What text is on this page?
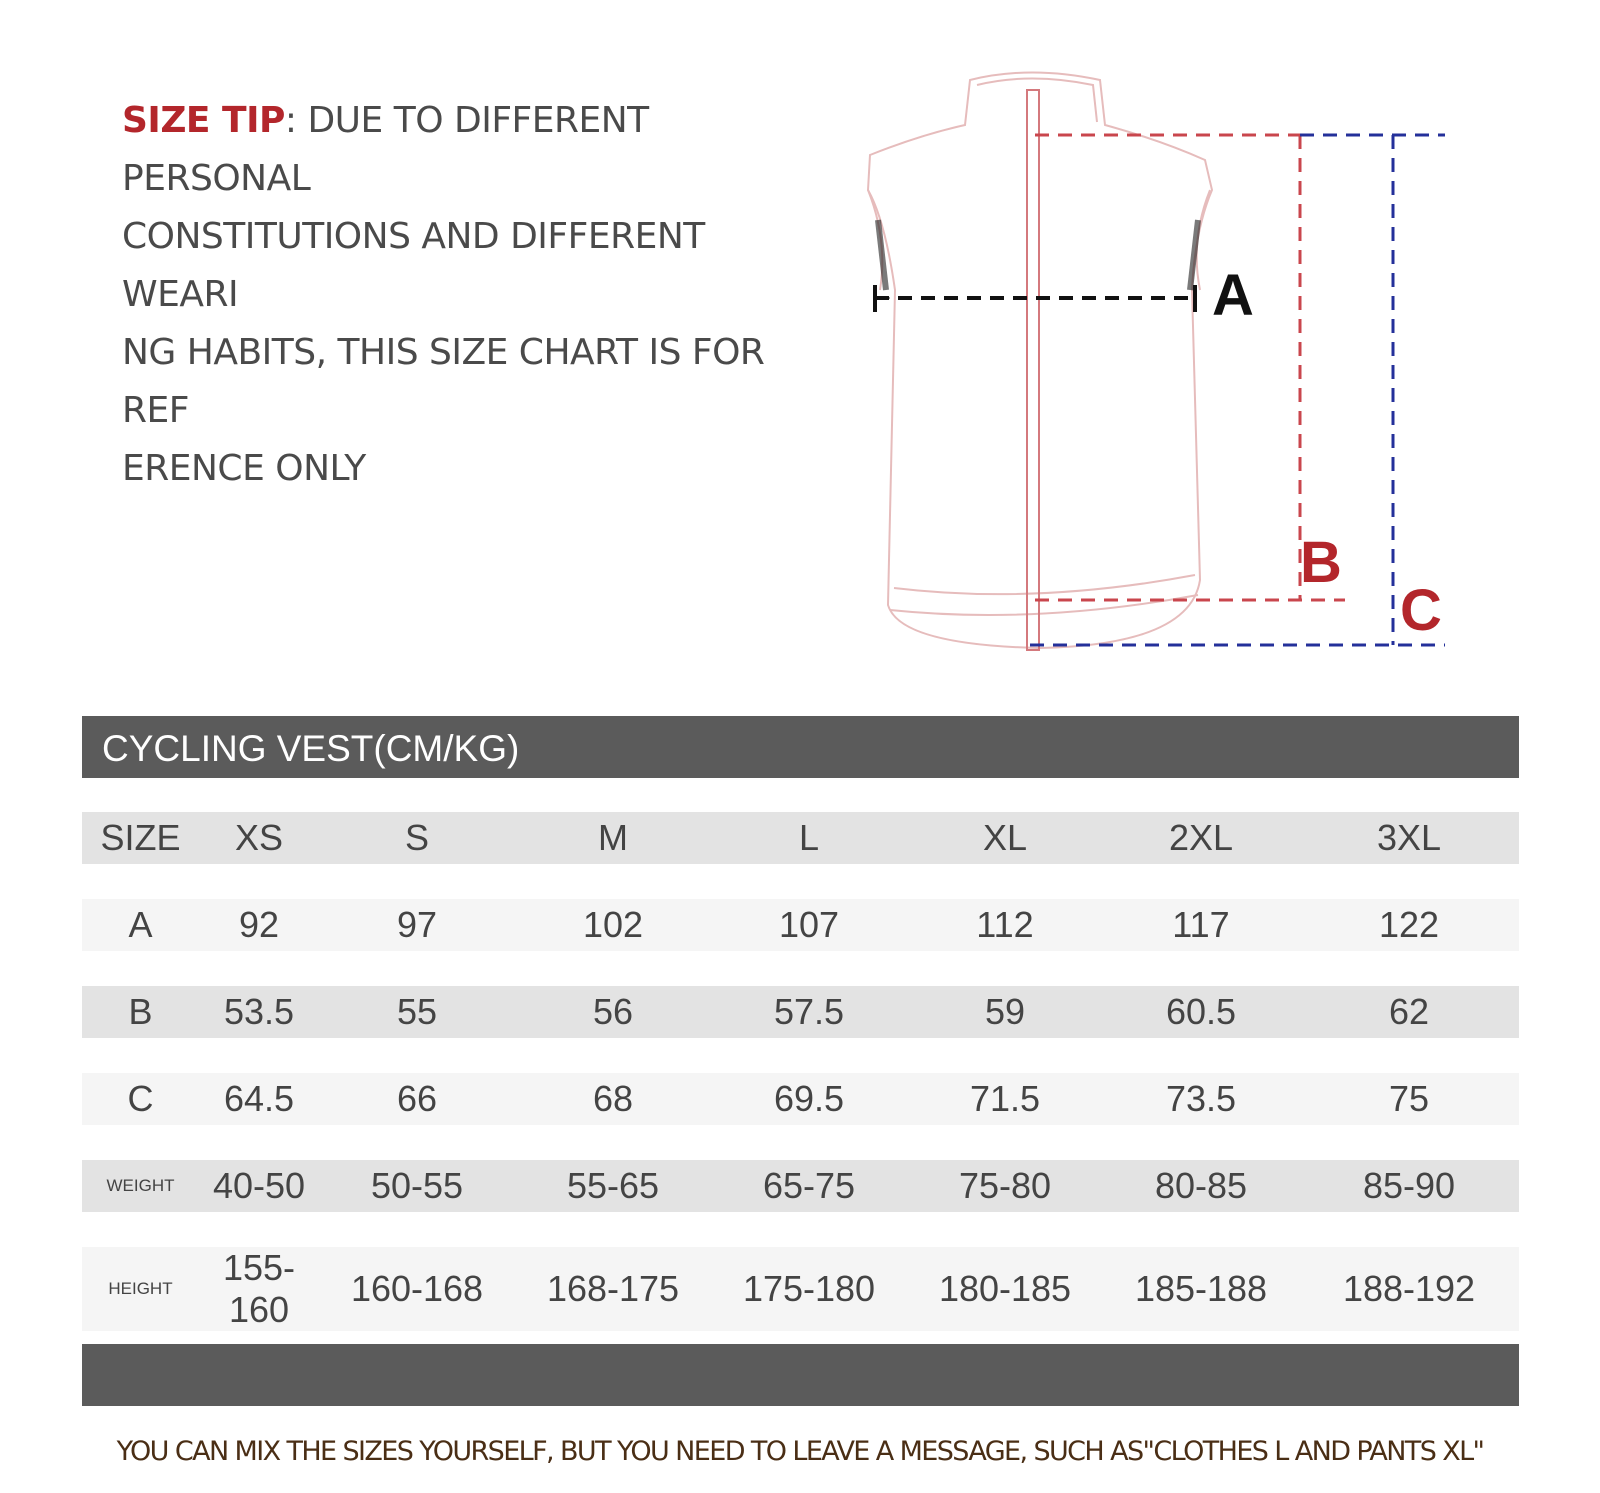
SIZE TIP: DUE TO DIFFERENT PERSONAL
CONSTITUTIONS AND DIFFERENT WEARI
NG HABITS, THIS SIZE CHART IS FOR REF
ERENCE ONLY
A
B
C
CYCLING VEST(CM/KG)
SIZE	XS	S	M	L	XL	2XL	3XL

A	92	97	102	107	112	117	122

B	53.5	55	56	57.5	59	60.5	62

C	64.5	66	68	69.5	71.5	73.5	75

WEIGHT	40-50	50-55	55-65	65-75	75-80	80-85	85-90

HEIGHT	155-160	160-168	168-175	175-180	180-185	185-188	188-192
YOU CAN MIX THE SIZES YOURSELF, BUT YOU NEED TO LEAVE A MESSAGE, SUCH AS"CLOTHES L AND PANTS XL"
